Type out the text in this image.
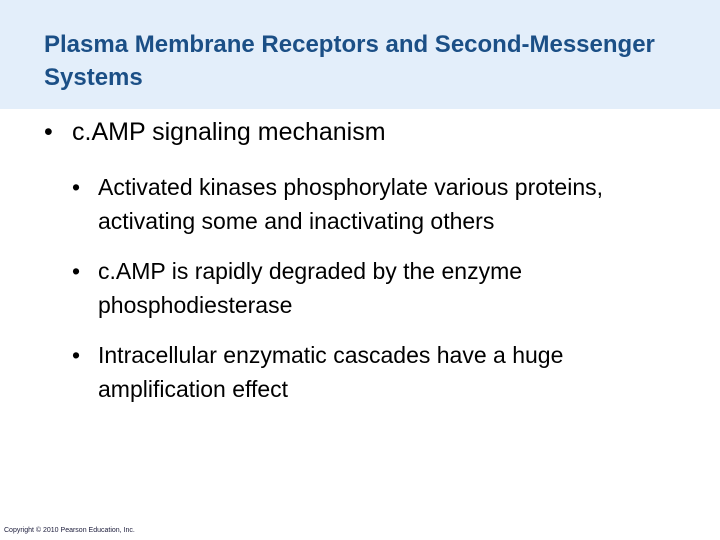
Plasma Membrane Receptors and Second-Messenger Systems
• c.AMP signaling mechanism
• Activated kinases phosphorylate various proteins, activating some and inactivating others
• c.AMP is rapidly degraded by the enzyme phosphodiesterase
• Intracellular enzymatic cascades have a huge amplification effect
Copyright © 2010 Pearson Education, Inc.
